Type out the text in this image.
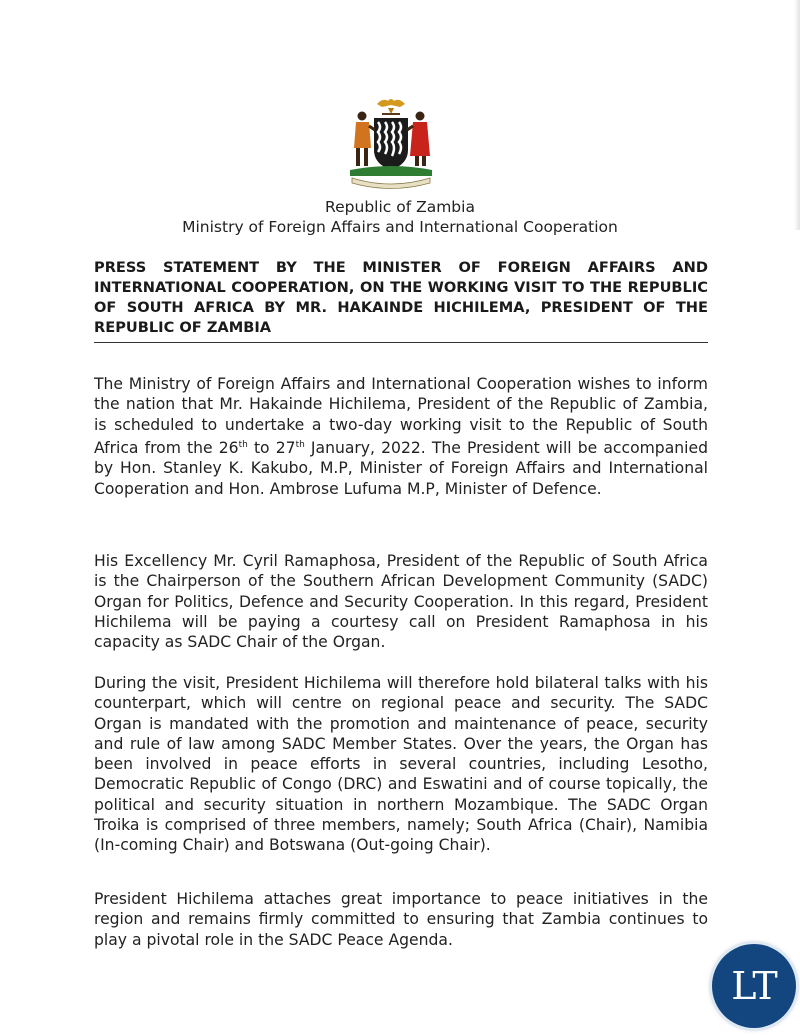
Republic of Zambia
Ministry of Foreign Affairs and International Cooperation
PRESS STATEMENT BY THE MINISTER OF FOREIGN AFFAIRS AND INTERNATIONAL COOPERATION, ON THE WORKING VISIT TO THE REPUBLIC OF SOUTH AFRICA BY MR. HAKAINDE HICHILEMA, PRESIDENT OF THE REPUBLIC OF ZAMBIA

The Ministry of Foreign Affairs and International Cooperation wishes to inform the nation that Mr. Hakainde Hichilema, President of the Republic of Zambia, is scheduled to undertake a two-day working visit to the Republic of South Africa from the 26th to 27th January, 2022. The President will be accompanied by Hon. Stanley K. Kakubo, M.P, Minister of Foreign Affairs and International Cooperation and Hon. Ambrose Lufuma M.P, Minister of Defence.

His Excellency Mr. Cyril Ramaphosa, President of the Republic of South Africa is the Chairperson of the Southern African Development Community (SADC) Organ for Politics, Defence and Security Cooperation. In this regard, President Hichilema will be paying a courtesy call on President Ramaphosa in his capacity as SADC Chair of the Organ.

During the visit, President Hichilema will therefore hold bilateral talks with his counterpart, which will centre on regional peace and security. The SADC Organ is mandated with the promotion and maintenance of peace, security and rule of law among SADC Member States. Over the years, the Organ has been involved in peace efforts in several countries, including Lesotho, Democratic Republic of Congo (DRC) and Eswatini and of course topically, the political and security situation in northern Mozambique. The SADC Organ Troika is comprised of three members, namely; South Africa (Chair), Namibia (In-coming Chair) and Botswana (Out-going Chair).

President Hichilema attaches great importance to peace initiatives in the region and remains firmly committed to ensuring that Zambia continues to play a pivotal role in the SADC Peace Agenda.

LT
